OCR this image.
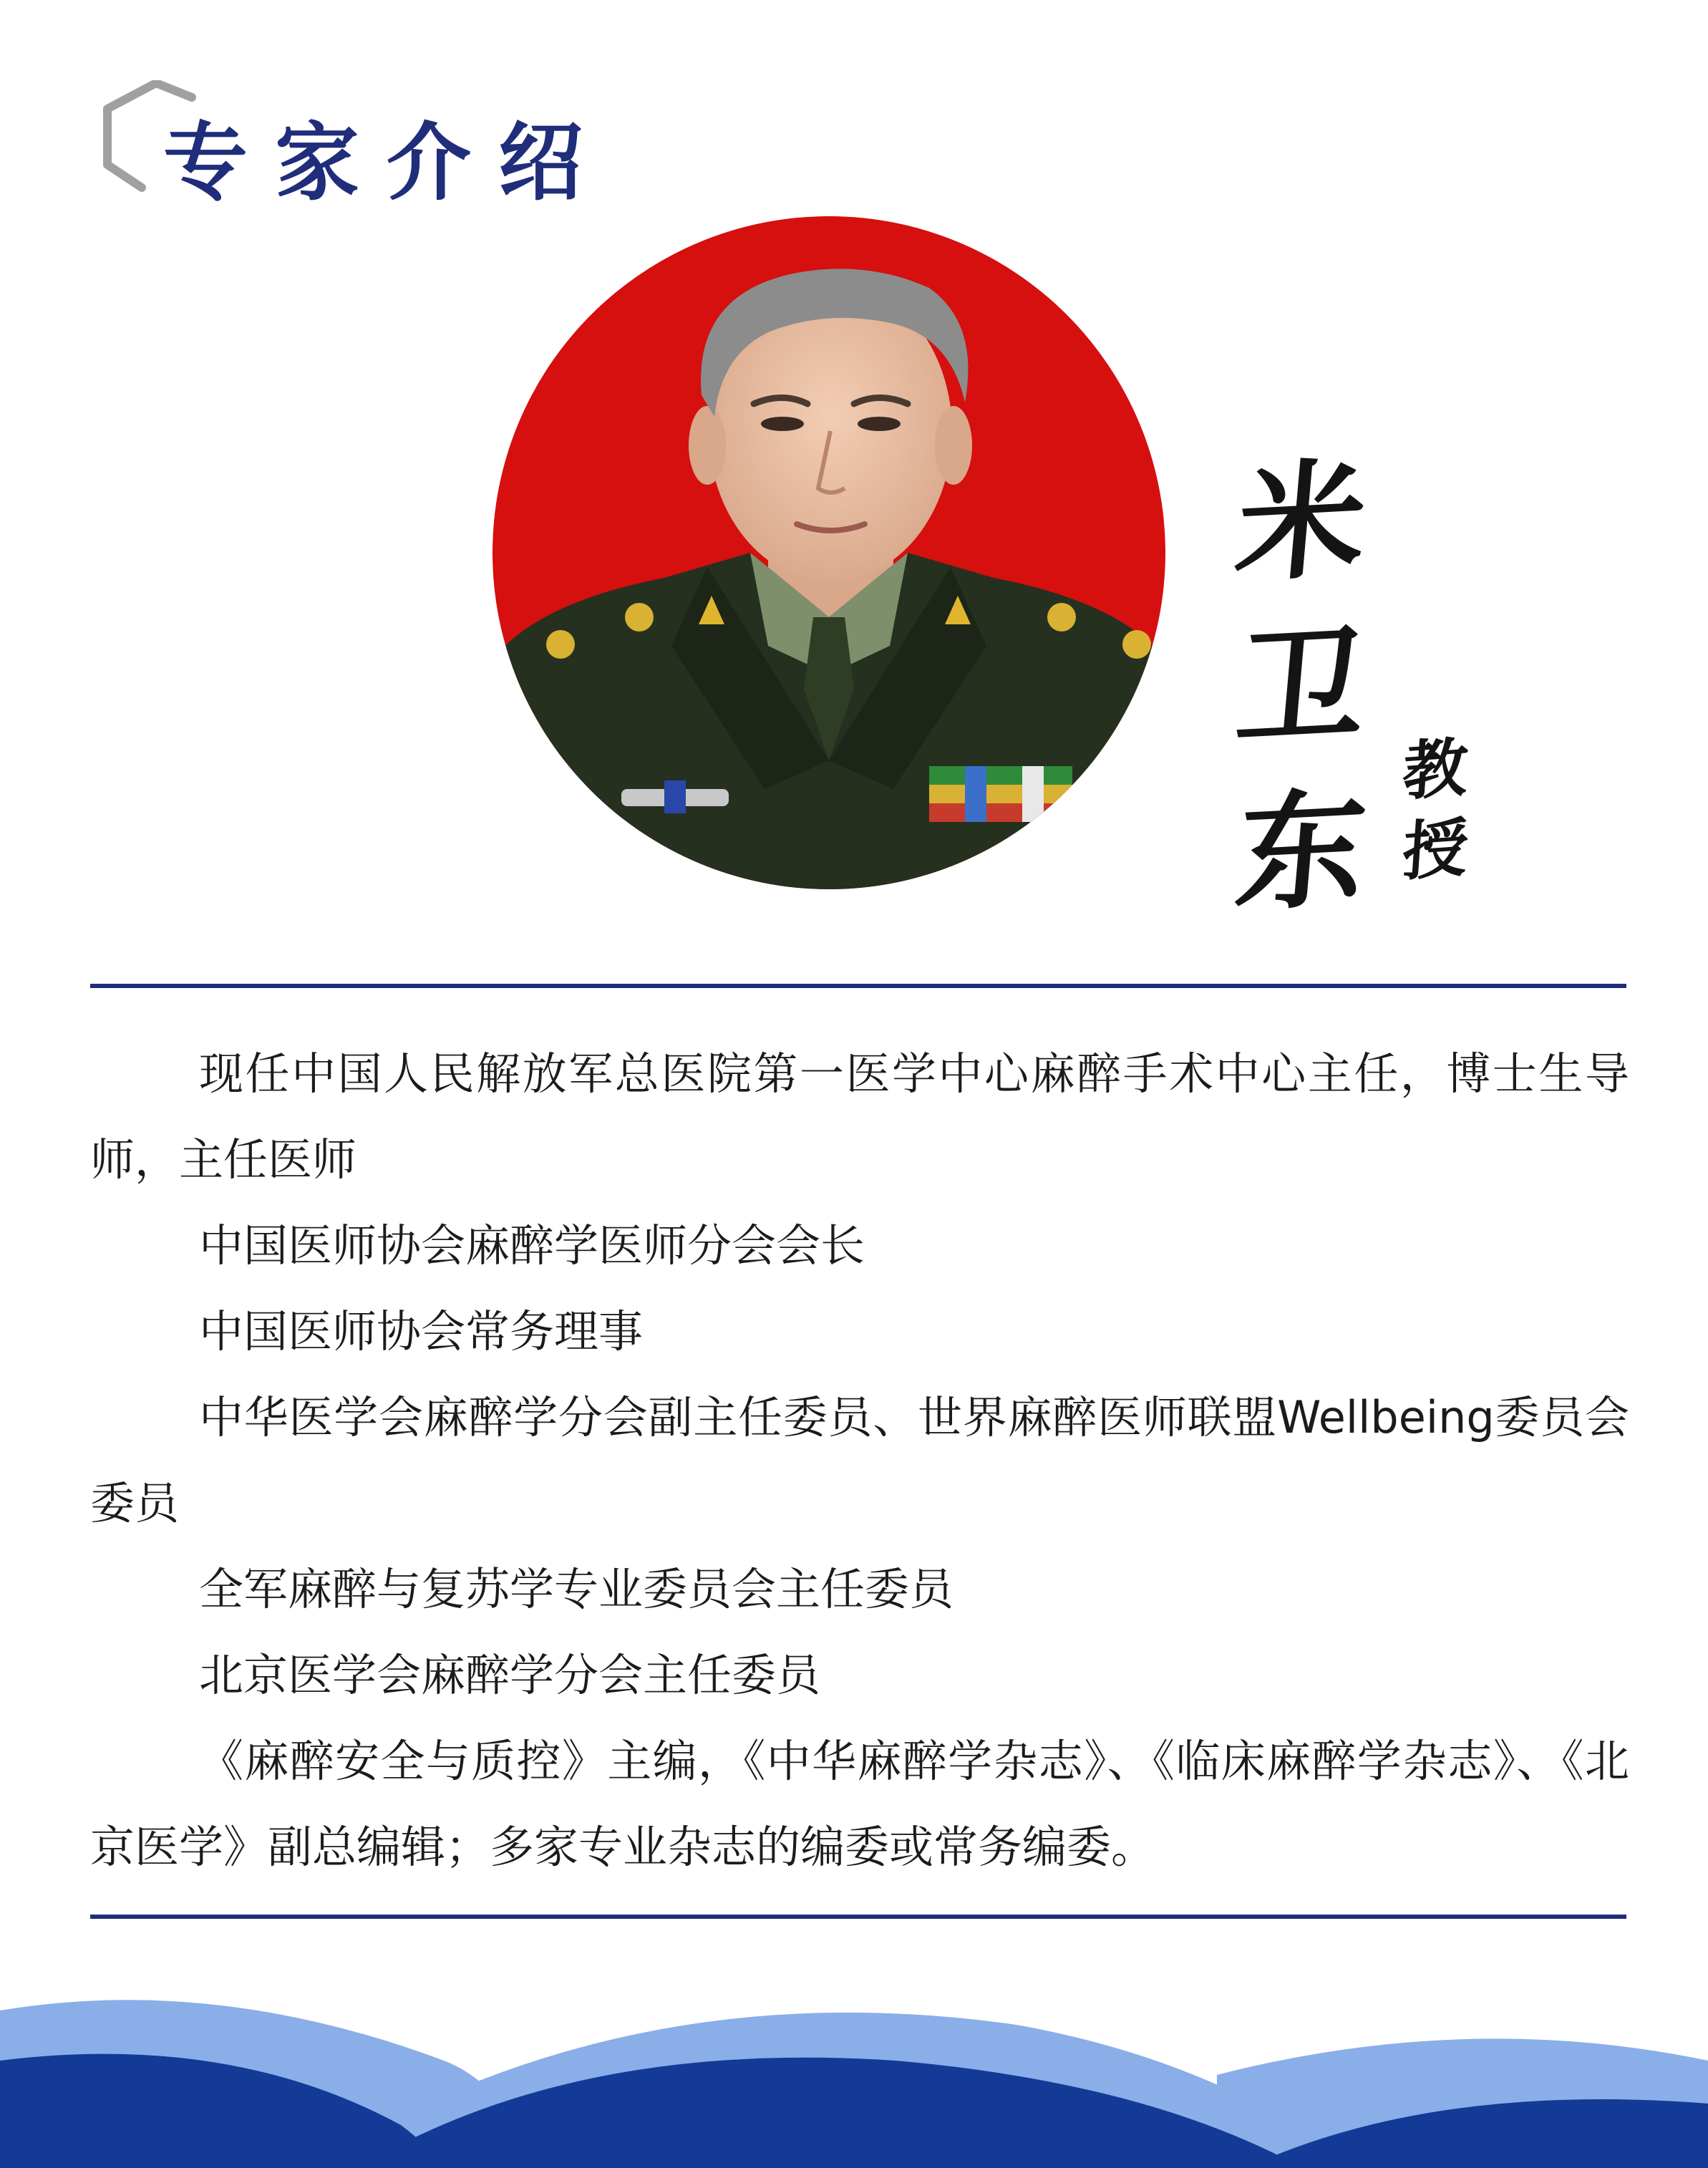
专家介绍
米
卫
东
教
授

现任中国人民解放军总医院第一医学中心麻醉手术中心主任，博士生导师，主任医师

中国医师协会麻醉学医师分会会长

中国医师协会常务理事

中华医学会麻醉学分会副主任委员、世界麻醉医师联盟Wellbeing委员会委员

全军麻醉与复苏学专业委员会主任委员

北京医学会麻醉学分会主任委员

《麻醉安全与质控》主编，《中华麻醉学杂志》、《临床麻醉学杂志》、《北京医学》副总编辑；多家专业杂志的编委或常务编委。
